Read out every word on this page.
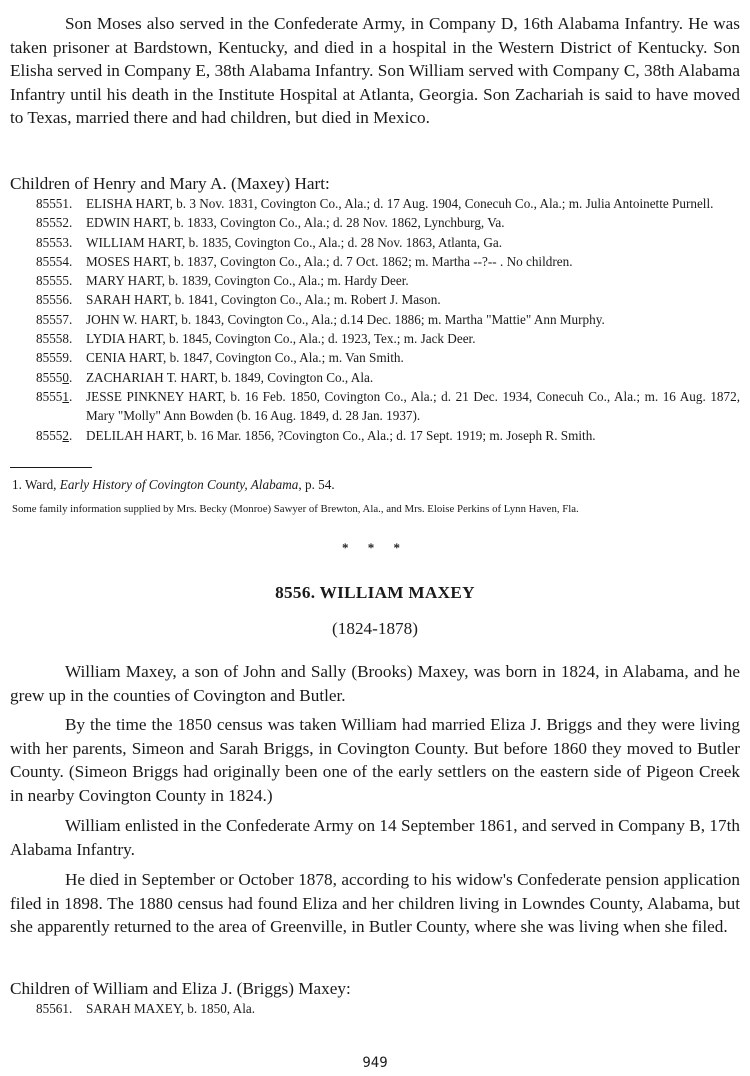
Son Moses also served in the Confederate Army, in Company D, 16th Alabama Infantry. He was taken prisoner at Bardstown, Kentucky, and died in a hospital in the Western District of Kentucky. Son Elisha served in Company E, 38th Alabama Infantry. Son William served with Company C, 38th Alabama Infantry until his death in the Institute Hospital at Atlanta, Georgia. Son Zachariah is said to have moved to Texas, married there and had children, but died in Mexico.

Children of Henry and Mary A. (Maxey) Hart:
85551.	ELISHA HART, b. 3 Nov. 1831, Covington Co., Ala.; d. 17 Aug. 1904, Conecuh Co., Ala.; m. Julia Antoinette Purnell.
85552.	EDWIN HART, b. 1833, Covington Co., Ala.; d. 28 Nov. 1862, Lynchburg, Va.
85553.	WILLIAM HART, b. 1835, Covington Co., Ala.; d. 28 Nov. 1863, Atlanta, Ga.
85554.	MOSES HART, b. 1837, Covington Co., Ala.; d. 7 Oct. 1862; m. Martha --?-- . No children.
85555.	MARY HART, b. 1839, Covington Co., Ala.; m. Hardy Deer.
85556.	SARAH HART, b. 1841, Covington Co., Ala.; m. Robert J. Mason.
85557.	JOHN W. HART, b. 1843, Covington Co., Ala.; d.14 Dec. 1886; m. Martha "Mattie" Ann Murphy.
85558.	LYDIA HART, b. 1845, Covington Co., Ala.; d. 1923, Tex.; m. Jack Deer.
85559.	CENIA HART, b. 1847, Covington Co., Ala.; m. Van Smith.
85550.	ZACHARIAH T. HART, b. 1849, Covington Co., Ala.
85551.	JESSE PINKNEY HART, b. 16 Feb. 1850, Covington Co., Ala.; d. 21 Dec. 1934, Conecuh Co., Ala.; m. 16 Aug. 1872, Mary "Molly" Ann Bowden (b. 16 Aug. 1849, d. 28 Jan. 1937).
85552.	DELILAH HART, b. 16 Mar. 1856, ?Covington Co., Ala.; d. 17 Sept. 1919; m. Joseph R. Smith.
1. Ward, Early History of Covington County, Alabama, p. 54.
Some family information supplied by Mrs. Becky (Monroe) Sawyer of Brewton, Ala., and Mrs. Eloise Perkins of Lynn Haven, Fla.
* * *
8556. WILLIAM MAXEY
(1824-1878)

William Maxey, a son of John and Sally (Brooks) Maxey, was born in 1824, in Alabama, and he grew up in the counties of Covington and Butler.

By the time the 1850 census was taken William had married Eliza J. Briggs and they were living with her parents, Simeon and Sarah Briggs, in Covington County. But before 1860 they moved to Butler County. (Simeon Briggs had originally been one of the early settlers on the eastern side of Pigeon Creek in nearby Covington County in 1824.)

William enlisted in the Confederate Army on 14 September 1861, and served in Company B, 17th Alabama Infantry.

He died in September or October 1878, according to his widow's Confederate pension application filed in 1898. The 1880 census had found Eliza and her children living in Lowndes County, Alabama, but she apparently returned to the area of Greenville, in Butler County, where she was living when she filed.

Children of William and Eliza J. (Briggs) Maxey:
85561.	SARAH MAXEY, b. 1850, Ala.
949
